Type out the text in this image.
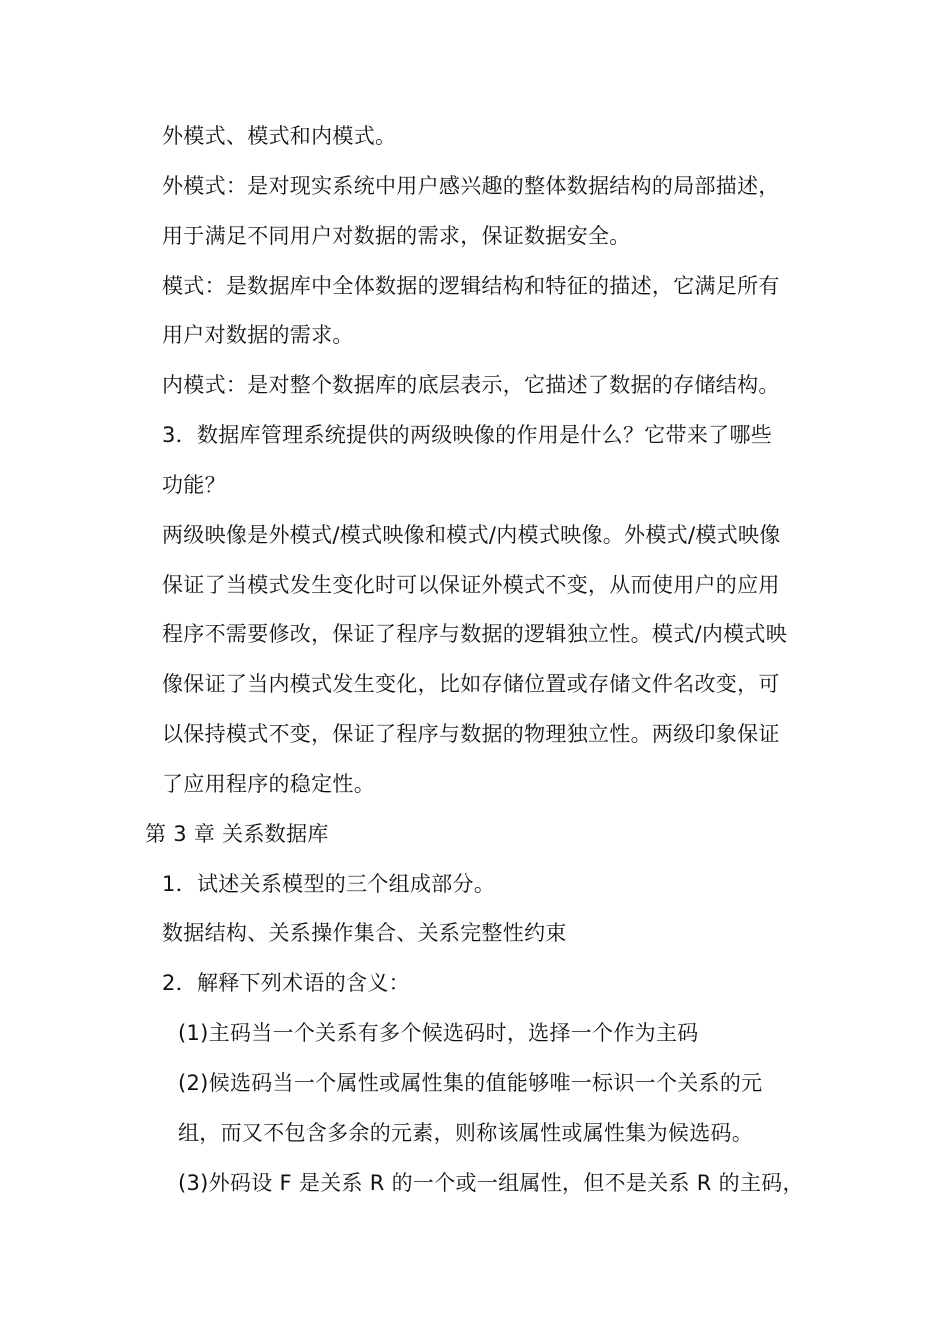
外模式、模式和内模式。
外模式：是对现实系统中用户感兴趣的整体数据结构的局部描述，
用于满足不同用户对数据的需求，保证数据安全。
模式：是数据库中全体数据的逻辑结构和特征的描述，它满足所有
用户对数据的需求。
内模式：是对整个数据库的底层表示，它描述了数据的存储结构。
3．数据库管理系统提供的两级映像的作用是什么？它带来了哪些
功能？
两级映像是外模式/模式映像和模式/内模式映像。外模式/模式映像
保证了当模式发生变化时可以保证外模式不变，从而使用户的应用
程序不需要修改，保证了程序与数据的逻辑独立性。模式/内模式映
像保证了当内模式发生变化，比如存储位置或存储文件名改变，可
以保持模式不变，保证了程序与数据的物理独立性。两级印象保证
了应用程序的稳定性。
第 3 章 关系数据库
1．试述关系模型的三个组成部分。
数据结构、关系操作集合、关系完整性约束
2．解释下列术语的含义：
(1)主码当一个关系有多个候选码时，选择一个作为主码
(2)候选码当一个属性或属性集的值能够唯一标识一个关系的元
组，而又不包含多余的元素，则称该属性或属性集为候选码。
(3)外码设 F 是关系 R 的一个或一组属性，但不是关系 R 的主码，
